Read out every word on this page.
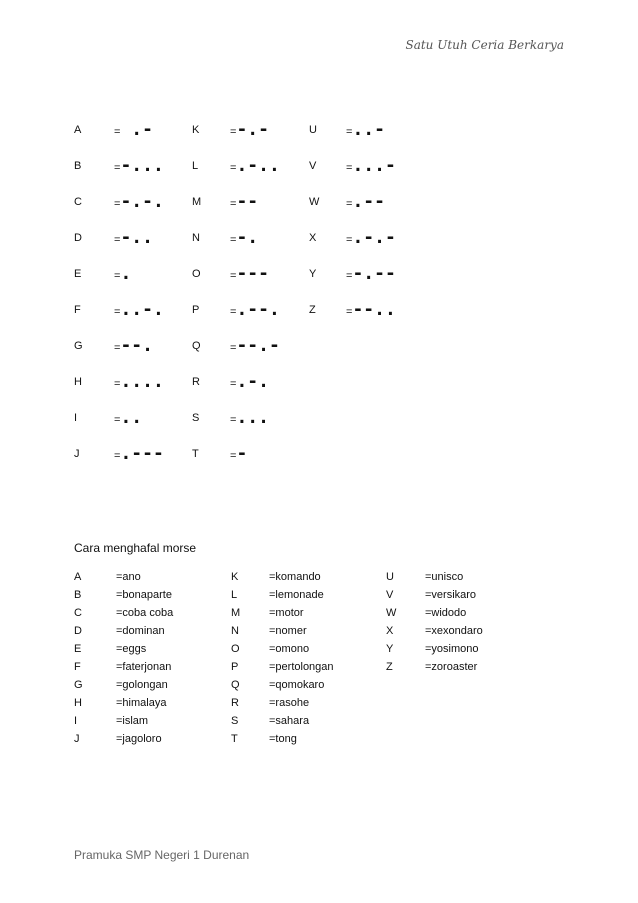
Satu Utuh Ceria Berkarya
A	= .-	K	=-.-	U	=..-
B	=-...	L	=.-..	V	=...-
C	=-.-.	M	=--	W =.--
D	=-..	N	=-.	X	=.-.-
E	=.	O	=---	Y	=-.--
F	=..-.	P	=.--.	Z	=--..
G	=--.	Q	=--.-
H	=....	R	=.-.
I	=..	S	=...
J	=.---	T	=-
Cara menghafal morse
A	=ano	K	=komando	U	=unisco
B	=bonaparte	L	=lemonade	V	=versikaro
C	=coba coba	M	=motor	W	=widodo
D	=dominan	N	=nomer	X	=xexondaro
E	=eggs	O	=omono	Y	=yosimono
F	=faterjonan	P	=pertolongan	Z	=zoroaster
G	=golongan	Q	=qomokaro
H	=himalaya	R	=rasohe
I	=islam	S	=sahara
J	=jagoloro	T	=tong
Pramuka SMP Negeri 1 Durenan
